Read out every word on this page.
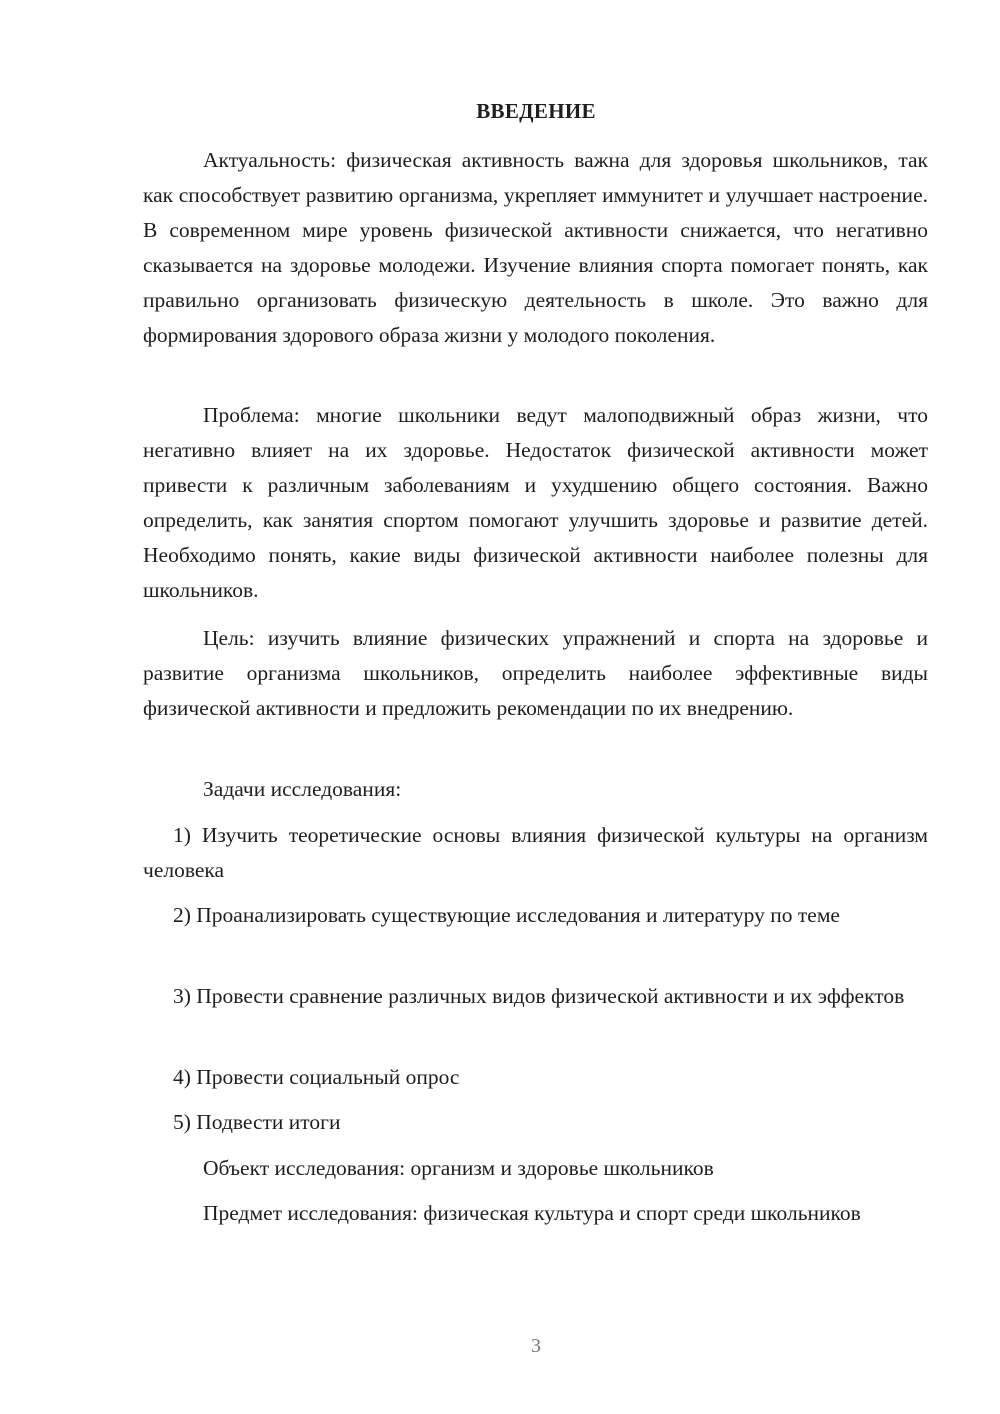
ВВЕДЕНИЕ
Актуальность: физическая активность важна для здоровья школьников, так как способствует развитию организма, укрепляет иммунитет и улучшает настроение. В современном мире уровень физической активности снижается, что негативно сказывается на здоровье молодежи. Изучение влияния спорта помогает понять, как правильно организовать физическую деятельность в школе. Это важно для формирования здорового образа жизни у молодого поколения.
Проблема: многие школьники ведут малоподвижный образ жизни, что негативно влияет на их здоровье. Недостаток физической активности может привести к различным заболеваниям и ухудшению общего состояния. Важно определить, как занятия спортом помогают улучшить здоровье и развитие детей. Необходимо понять, какие виды физической активности наиболее полезны для школьников.
Цель: изучить влияние физических упражнений и спорта на здоровье и развитие организма школьников, определить наиболее эффективные виды физической активности и предложить рекомендации по их внедрению.
Задачи исследования:
1) Изучить теоретические основы влияния физической культуры на организм человека
2) Проанализировать существующие исследования и литературу по теме
3) Провести сравнение различных видов физической активности и их эффектов
4) Провести социальный опрос
5) Подвести итоги
Объект исследования: организм и здоровье школьников
Предмет исследования: физическая культура и спорт среди школьников
3
